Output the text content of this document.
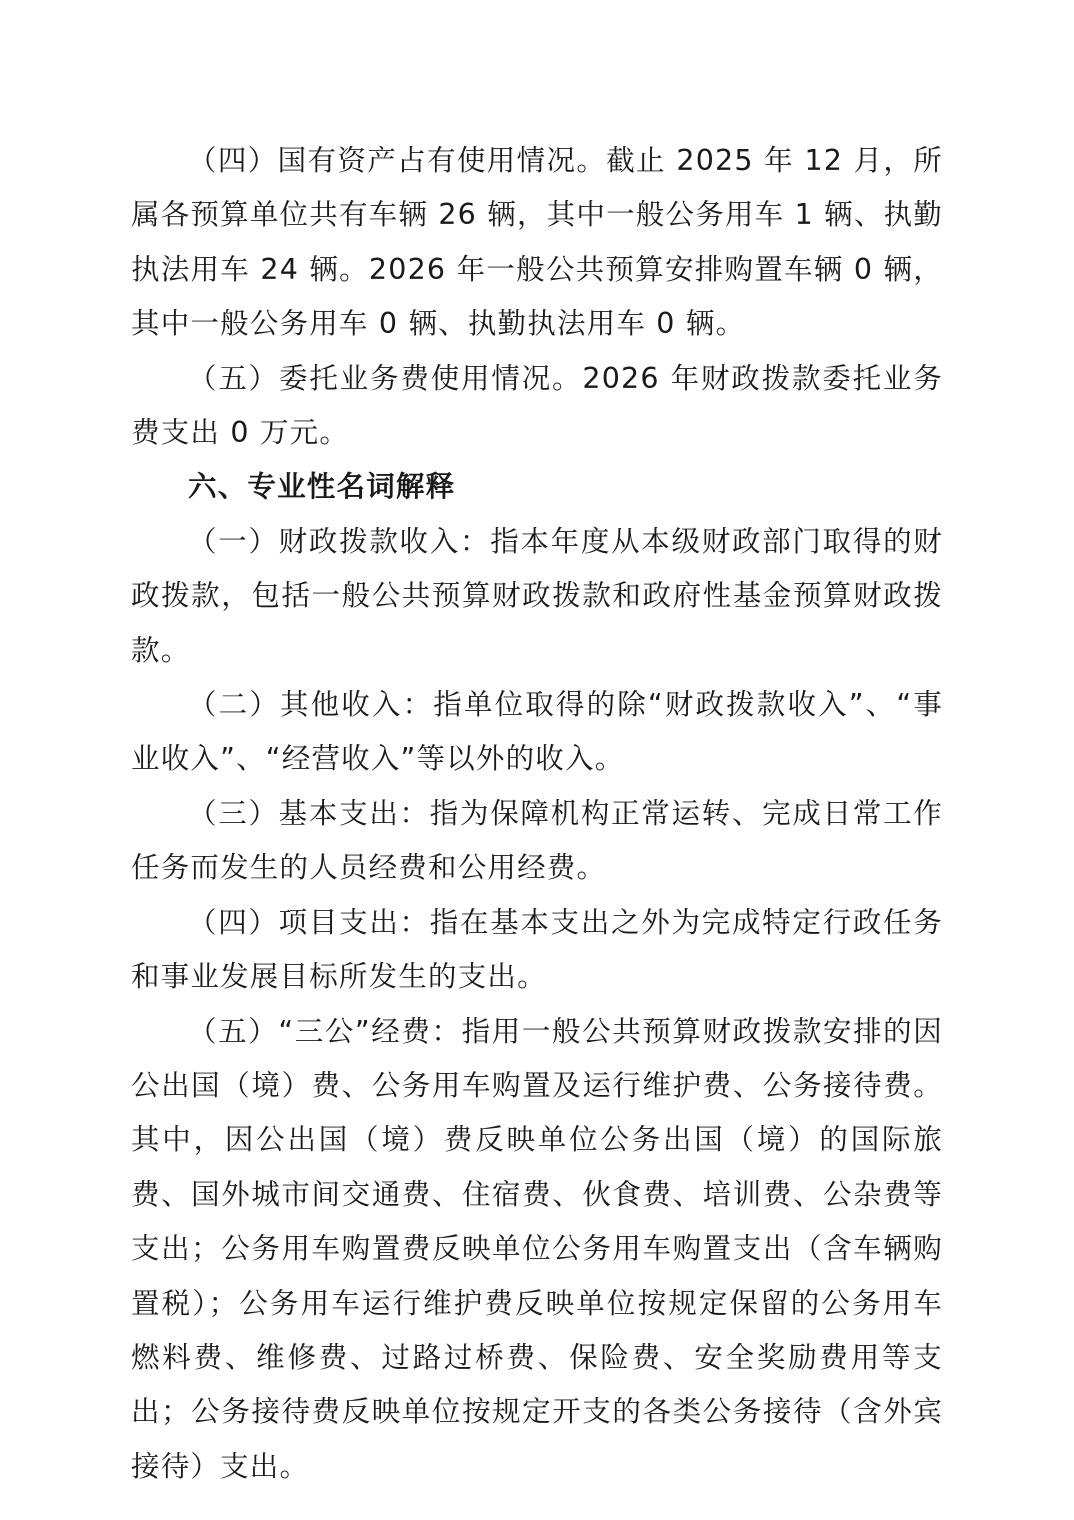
（四）国有资产占有使用情况。截止 2025 年 12 月，所属各预算单位共有车辆 26 辆，其中一般公务用车 1 辆、执勤执法用车 24 辆。2026 年一般公共预算安排购置车辆 0 辆，其中一般公务用车 0 辆、执勤执法用车 0 辆。

（五）委托业务费使用情况。2026 年财政拨款委托业务费支出 0 万元。

六、专业性名词解释

（一）财政拨款收入：指本年度从本级财政部门取得的财政拨款，包括一般公共预算财政拨款和政府性基金预算财政拨款。

（二）其他收入：指单位取得的除“财政拨款收入”、“事业收入”、“经营收入”等以外的收入。

（三）基本支出：指为保障机构正常运转、完成日常工作任务而发生的人员经费和公用经费。

（四）项目支出：指在基本支出之外为完成特定行政任务和事业发展目标所发生的支出。

（五）“三公”经费：指用一般公共预算财政拨款安排的因公出国（境）费、公务用车购置及运行维护费、公务接待费。其中，因公出国（境）费反映单位公务出国（境）的国际旅费、国外城市间交通费、住宿费、伙食费、培训费、公杂费等支出；公务用车购置费反映单位公务用车购置支出（含车辆购置税）；公务用车运行维护费反映单位按规定保留的公务用车燃料费、维修费、过路过桥费、保险费、安全奖励费用等支出；公务接待费反映单位按规定开支的各类公务接待（含外宾接待）支出。
